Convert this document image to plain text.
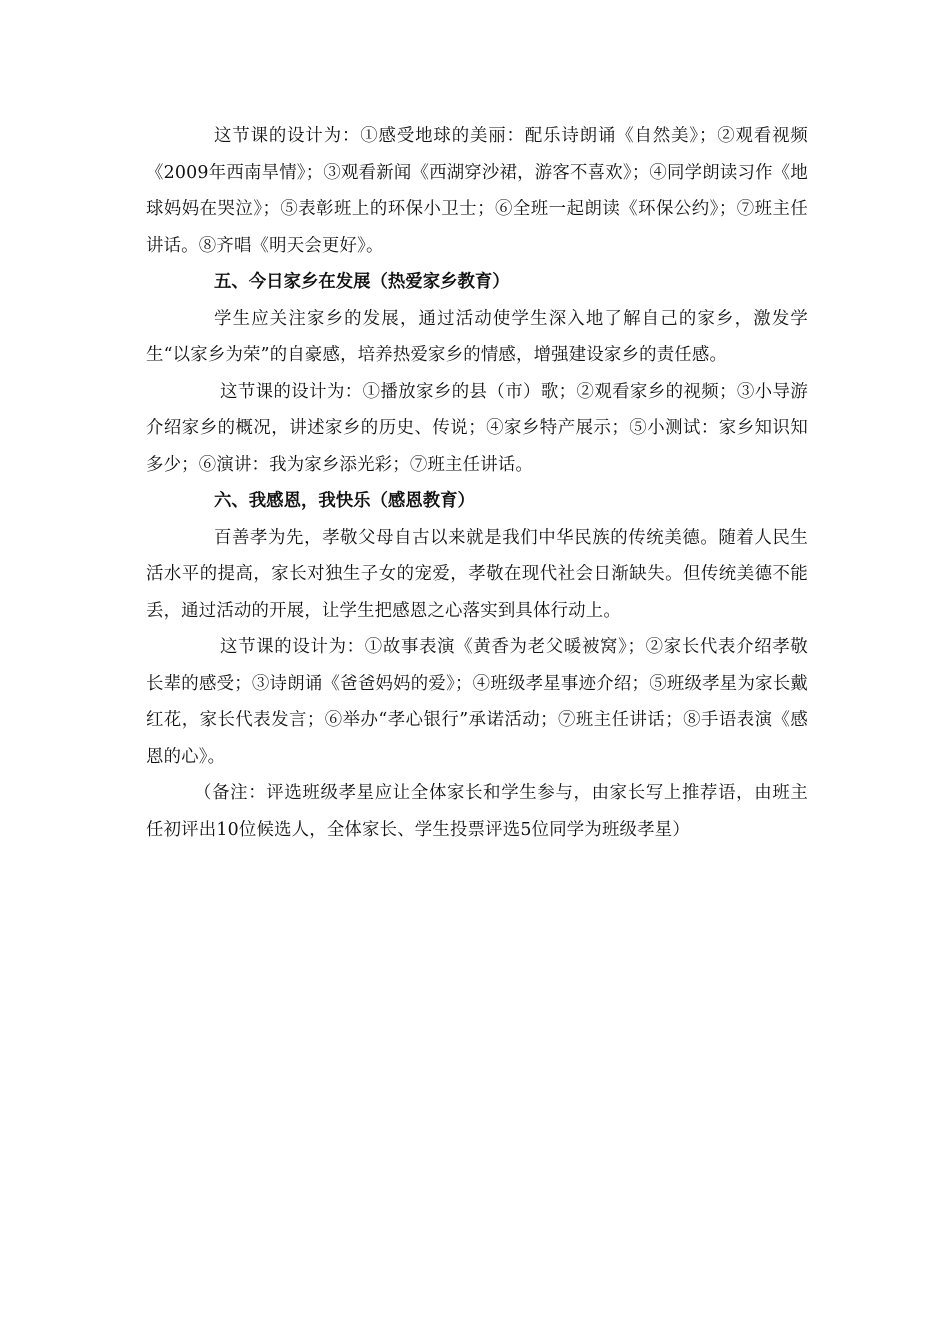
这节课的设计为：①感受地球的美丽：配乐诗朗诵《自然美》；②观看视频《2009年西南旱情》；③观看新闻《西湖穿沙裙，游客不喜欢》；④同学朗读习作《地球妈妈在哭泣》；⑤表彰班上的环保小卫士；⑥全班一起朗读《环保公约》；⑦班主任讲话。⑧齐唱《明天会更好》。

五、今日家乡在发展（热爱家乡教育）

学生应关注家乡的发展，通过活动使学生深入地了解自己的家乡，激发学生“以家乡为荣”的自豪感，培养热爱家乡的情感，增强建设家乡的责任感。

这节课的设计为：①播放家乡的县（市）歌；②观看家乡的视频；③小导游介绍家乡的概况，讲述家乡的历史、传说；④家乡特产展示；⑤小测试：家乡知识知多少；⑥演讲：我为家乡添光彩；⑦班主任讲话。

六、我感恩，我快乐（感恩教育）

百善孝为先，孝敬父母自古以来就是我们中华民族的传统美德。随着人民生活水平的提高，家长对独生子女的宠爱，孝敬在现代社会日渐缺失。但传统美德不能丢，通过活动的开展，让学生把感恩之心落实到具体行动上。

这节课的设计为：①故事表演《黄香为老父暖被窝》；②家长代表介绍孝敬长辈的感受；③诗朗诵《爸爸妈妈的爱》；④班级孝星事迹介绍；⑤班级孝星为家长戴红花，家长代表发言；⑥举办“孝心银行”承诺活动；⑦班主任讲话；⑧手语表演《感恩的心》。

（备注：评选班级孝星应让全体家长和学生参与，由家长写上推荐语，由班主任初评出10位候选人，全体家长、学生投票评选5位同学为班级孝星）
